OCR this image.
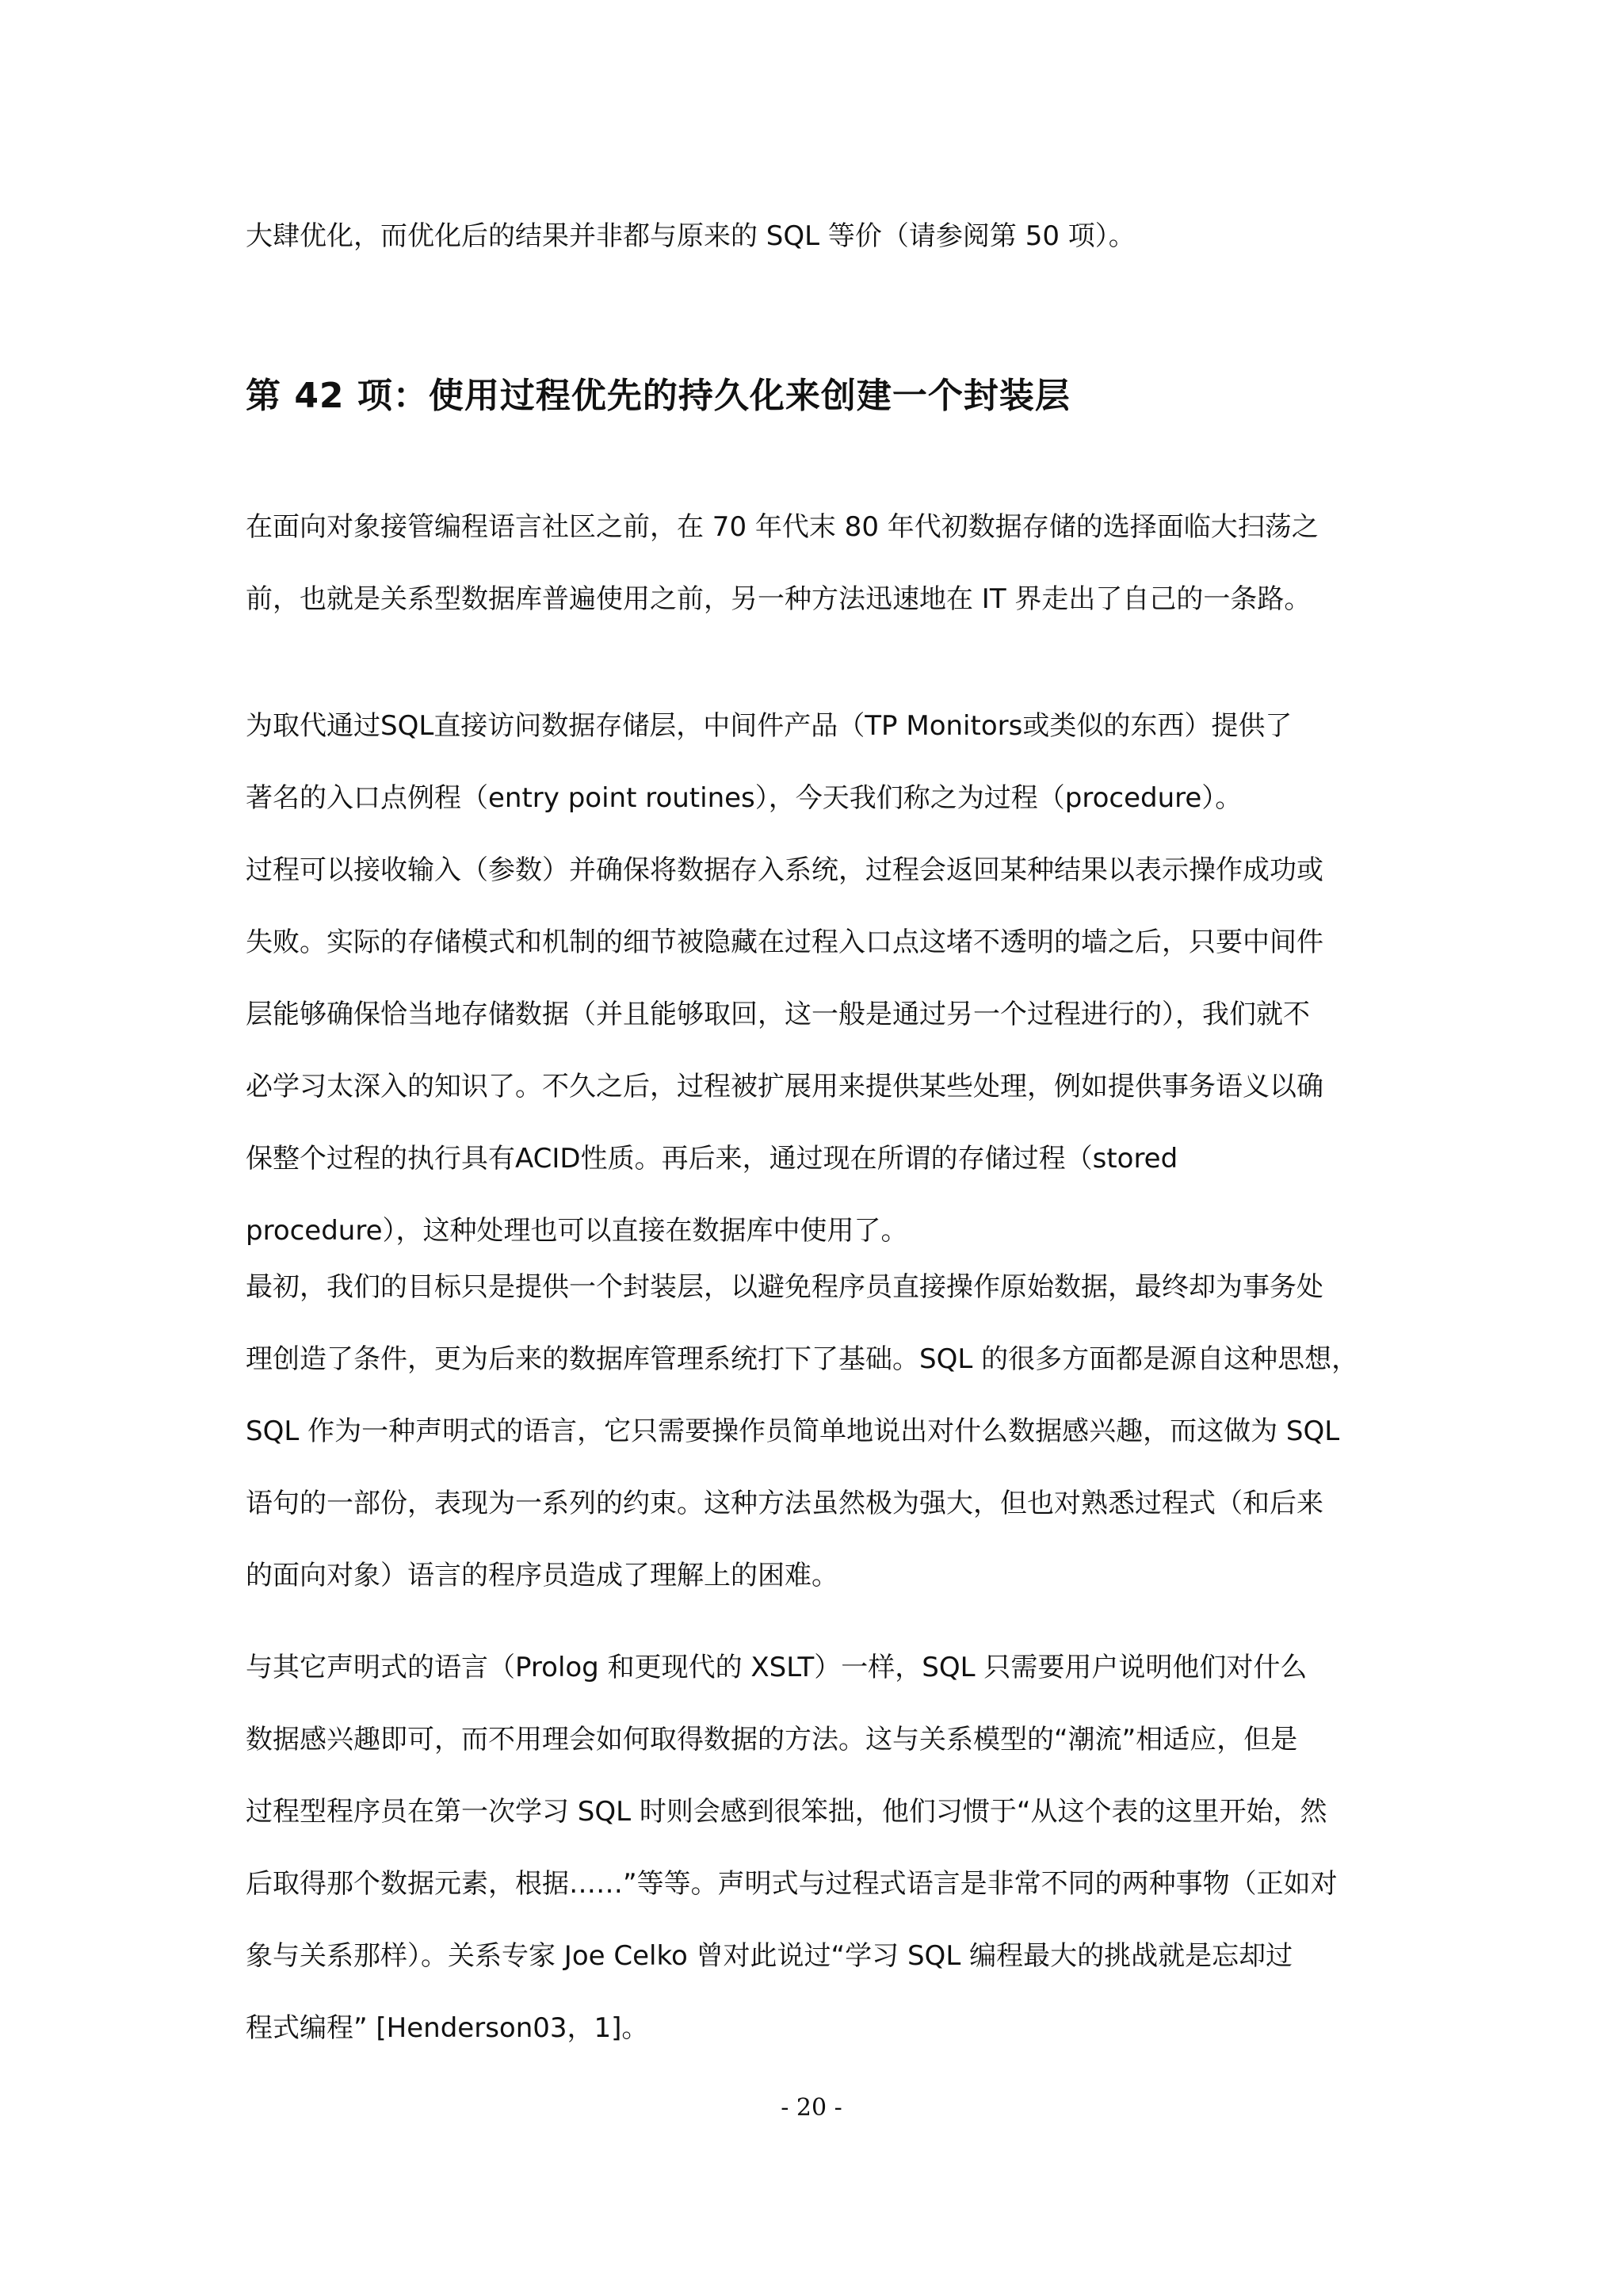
大肆优化，而优化后的结果并非都与原来的 SQL 等价（请参阅第 50 项）。
第 42 项：使用过程优先的持久化来创建一个封装层
在面向对象接管编程语言社区之前，在 70 年代末 80 年代初数据存储的选择面临大扫荡之
前，也就是关系型数据库普遍使用之前，另一种方法迅速地在 IT 界走出了自己的一条路。
为取代通过SQL直接访问数据存储层，中间件产品（TP Monitors或类似的东西）提供了
著名的入口点例程（entry point routines），今天我们称之为过程（procedure）。
过程可以接收输入（参数）并确保将数据存入系统，过程会返回某种结果以表示操作成功或
失败。实际的存储模式和机制的细节被隐藏在过程入口点这堵不透明的墙之后，只要中间件
层能够确保恰当地存储数据（并且能够取回，这一般是通过另一个过程进行的），我们就不
必学习太深入的知识了。不久之后，过程被扩展用来提供某些处理，例如提供事务语义以确
保整个过程的执行具有ACID性质。再后来，通过现在所谓的存储过程（stored
procedure），这种处理也可以直接在数据库中使用了。
最初，我们的目标只是提供一个封装层，以避免程序员直接操作原始数据，最终却为事务处
理创造了条件，更为后来的数据库管理系统打下了基础。SQL 的很多方面都是源自这种思想，
SQL 作为一种声明式的语言，它只需要操作员简单地说出对什么数据感兴趣，而这做为 SQL
语句的一部份，表现为一系列的约束。这种方法虽然极为强大，但也对熟悉过程式（和后来
的面向对象）语言的程序员造成了理解上的困难。
与其它声明式的语言（Prolog 和更现代的 XSLT）一样，SQL 只需要用户说明他们对什么
数据感兴趣即可，而不用理会如何取得数据的方法。这与关系模型的“潮流”相适应，但是
过程型程序员在第一次学习 SQL 时则会感到很笨拙，他们习惯于“从这个表的这里开始，然
后取得那个数据元素，根据……”等等。声明式与过程式语言是非常不同的两种事物（正如对
象与关系那样）。关系专家 Joe Celko 曾对此说过“学习 SQL 编程最大的挑战就是忘却过
程式编程” [Henderson03，1]。
- 20 -
